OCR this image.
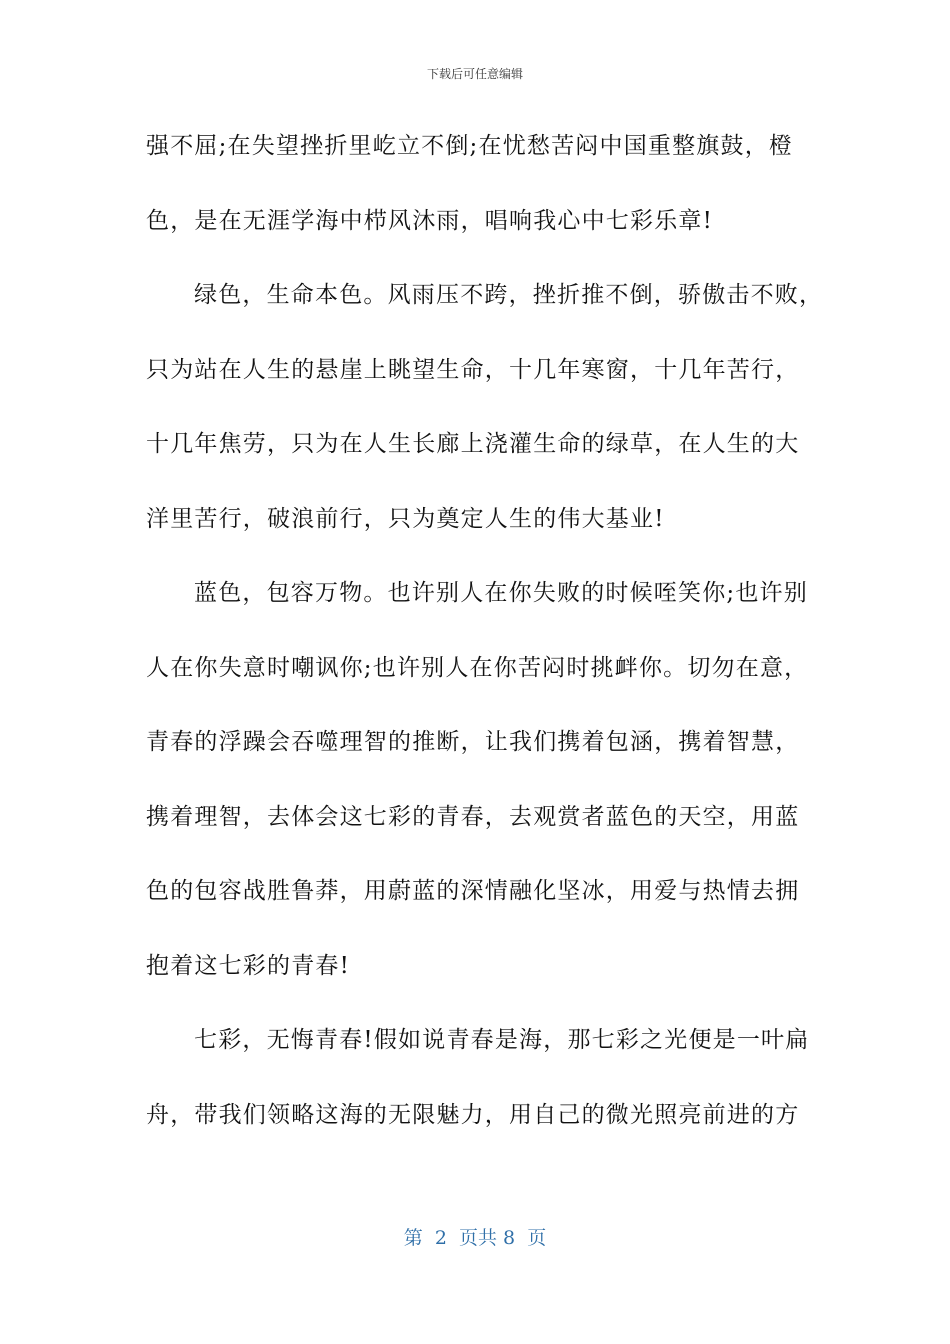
下载后可任意编辑
强不屈;在失望挫折里屹立不倒;在忧愁苦闷中国重整旗鼓，橙
色，是在无涯学海中栉风沐雨，唱响我心中七彩乐章!
绿色，生命本色。风雨压不跨，挫折推不倒，骄傲击不败，
只为站在人生的悬崖上眺望生命，十几年寒窗，十几年苦行，
十几年焦劳，只为在人生长廊上浇灌生命的绿草，在人生的大
洋里苦行，破浪前行，只为奠定人生的伟大基业!
蓝色，包容万物。也许别人在你失败的时候咥笑你;也许别
人在你失意时嘲讽你;也许别人在你苦闷时挑衅你。切勿在意，
青春的浮躁会吞噬理智的推断，让我们携着包涵，携着智慧，
携着理智，去体会这七彩的青春，去观赏者蓝色的天空，用蓝
色的包容战胜鲁莽，用蔚蓝的深情融化坚冰，用爱与热情去拥
抱着这七彩的青春!
七彩，无悔青春!假如说青春是海，那七彩之光便是一叶扁
舟，带我们领略这海的无限魅力，用自己的微光照亮前进的方
第  2  页共 8  页
